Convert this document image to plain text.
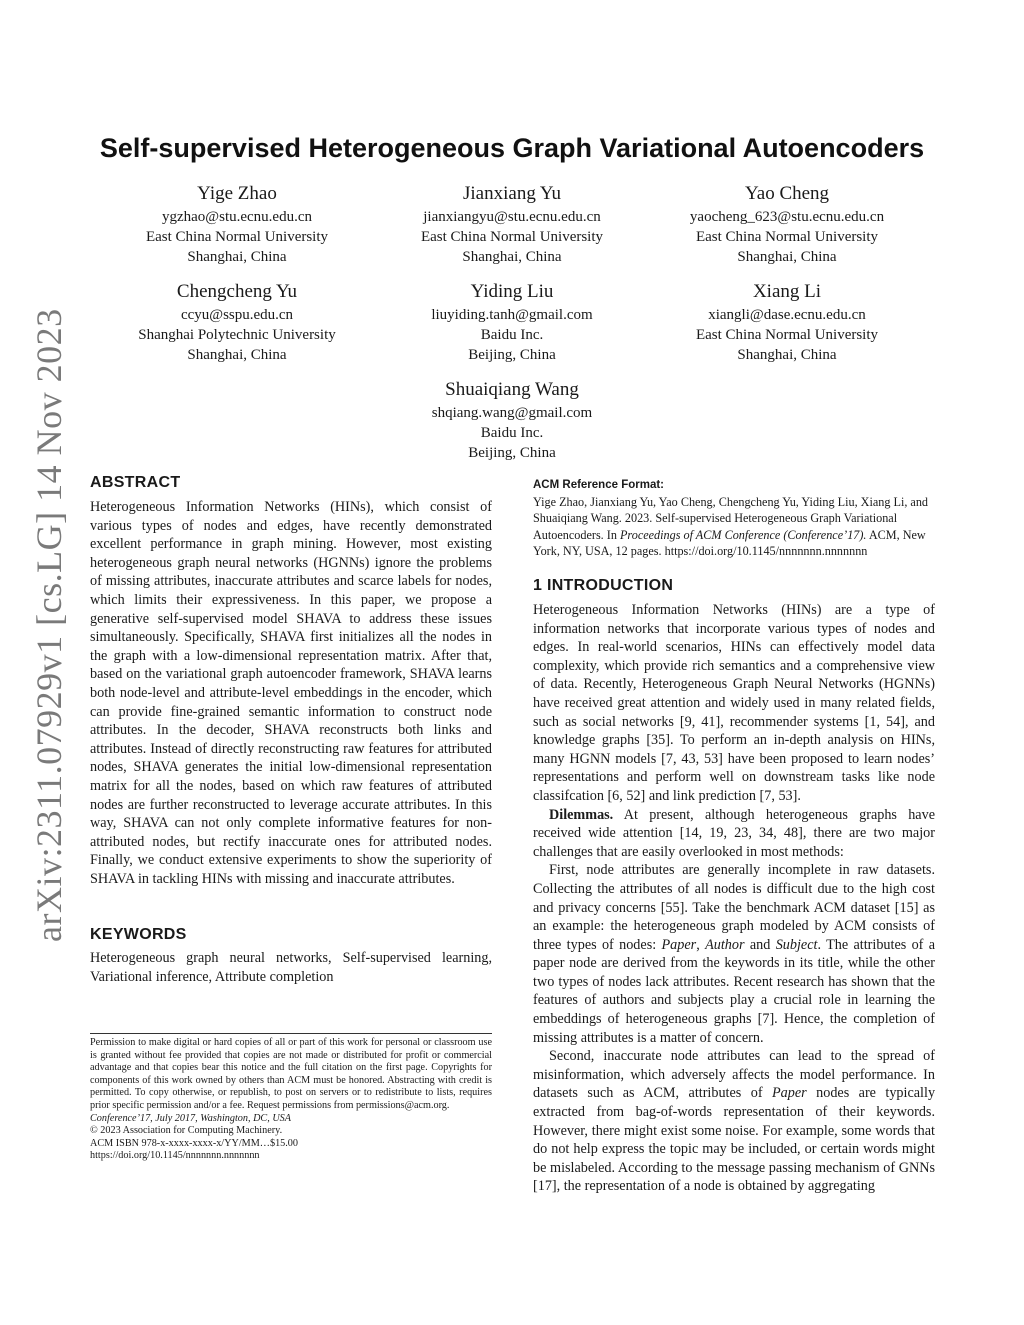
arXiv:2311.07929v1 [cs.LG] 14 Nov 2023
Self-supervised Heterogeneous Graph Variational Autoencoders
Yige Zhao
ygzhao@stu.ecnu.edu.cn
East China Normal University
Shanghai, China
Jianxiang Yu
jianxiangyu@stu.ecnu.edu.cn
East China Normal University
Shanghai, China
Yao Cheng
yaocheng_623@stu.ecnu.edu.cn
East China Normal University
Shanghai, China
Chengcheng Yu
ccyu@sspu.edu.cn
Shanghai Polytechnic University
Shanghai, China
Yiding Liu
liuyiding.tanh@gmail.com
Baidu Inc.
Beijing, China
Xiang Li
xiangli@dase.ecnu.edu.cn
East China Normal University
Shanghai, China
Shuaiqiang Wang
shqiang.wang@gmail.com
Baidu Inc.
Beijing, China
ABSTRACT

Heterogeneous Information Networks (HINs), which consist of various types of nodes and edges, have recently demonstrated excellent performance in graph mining. However, most existing heterogeneous graph neural networks (HGNNs) ignore the problems of missing attributes, inaccurate attributes and scarce labels for nodes, which limits their expressiveness. In this paper, we propose a generative self-supervised model SHAVA to address these issues simultaneously. Specifically, SHAVA first initializes all the nodes in the graph with a low-dimensional representation matrix. After that, based on the variational graph autoencoder framework, SHAVA learns both node-level and attribute-level embeddings in the encoder, which can provide fine-grained semantic information to construct node attributes. In the decoder, SHAVA reconstructs both links and attributes. Instead of directly reconstructing raw features for attributed nodes, SHAVA generates the initial low-dimensional representation matrix for all the nodes, based on which raw features of attributed nodes are further reconstructed to leverage accurate attributes. In this way, SHAVA can not only complete informative features for non-attributed nodes, but rectify inaccurate ones for attributed nodes. Finally, we conduct extensive experiments to show the superiority of SHAVA in tackling HINs with missing and inaccurate attributes.

KEYWORDS

Heterogeneous graph neural networks, Self-supervised learning, Variational inference, Attribute completion

Permission to make digital or hard copies of all or part of this work for personal or classroom use is granted without fee provided that copies are not made or distributed for profit or commercial advantage and that copies bear this notice and the full citation on the first page. Copyrights for components of this work owned by others than ACM must be honored. Abstracting with credit is permitted. To copy otherwise, or republish, to post on servers or to redistribute to lists, requires prior specific permission and/or a fee. Request permissions from permissions@acm.org.

Conference’17, July 2017, Washington, DC, USA

© 2023 Association for Computing Machinery.

ACM ISBN 978-x-xxxx-xxxx-x/YY/MM…$15.00

https://doi.org/10.1145/nnnnnnn.nnnnnnn

ACM Reference Format:
Yige Zhao, Jianxiang Yu, Yao Cheng, Chengcheng Yu, Yiding Liu, Xiang Li, and Shuaiqiang Wang. 2023. Self-supervised Heterogeneous Graph Variational Autoencoders. In Proceedings of ACM Conference (Conference’17). ACM, New York, NY, USA, 12 pages. https://doi.org/10.1145/nnnnnnn.nnnnnnn
1 INTRODUCTION

Heterogeneous Information Networks (HINs) are a type of information networks that incorporate various types of nodes and edges. In real-world scenarios, HINs can effectively model data complexity, which provide rich semantics and a comprehensive view of data. Recently, Heterogeneous Graph Neural Networks (HGNNs) have received great attention and widely used in many related fields, such as social networks [9, 41], recommender systems [1, 54], and knowledge graphs [35]. To perform an in-depth analysis on HINs, many HGNN models [7, 43, 53] have been proposed to learn nodes’ representations and perform well on downstream tasks like node classifcation [6, 52] and link prediction [7, 53].

Dilemmas. At present, although heterogeneous graphs have received wide attention [14, 19, 23, 34, 48], there are two major challenges that are easily overlooked in most methods:

First, node attributes are generally incomplete in raw datasets. Collecting the attributes of all nodes is difficult due to the high cost and privacy concerns [55]. Take the benchmark ACM dataset [15] as an example: the heterogeneous graph modeled by ACM consists of three types of nodes: Paper, Author and Subject. The attributes of a paper node are derived from the keywords in its title, while the other two types of nodes lack attributes. Recent research has shown that the features of authors and subjects play a crucial role in learning the embeddings of heterogeneous graphs [7]. Hence, the completion of missing attributes is a matter of concern.

Second, inaccurate node attributes can lead to the spread of misinformation, which adversely affects the model performance. In datasets such as ACM, attributes of Paper nodes are typically extracted from bag-of-words representation of their keywords. However, there might exist some noise. For example, some words that do not help express the topic may be included, or certain words might be mislabeled. According to the message passing mechanism of GNNs [17], the representation of a node is obtained by aggregating
